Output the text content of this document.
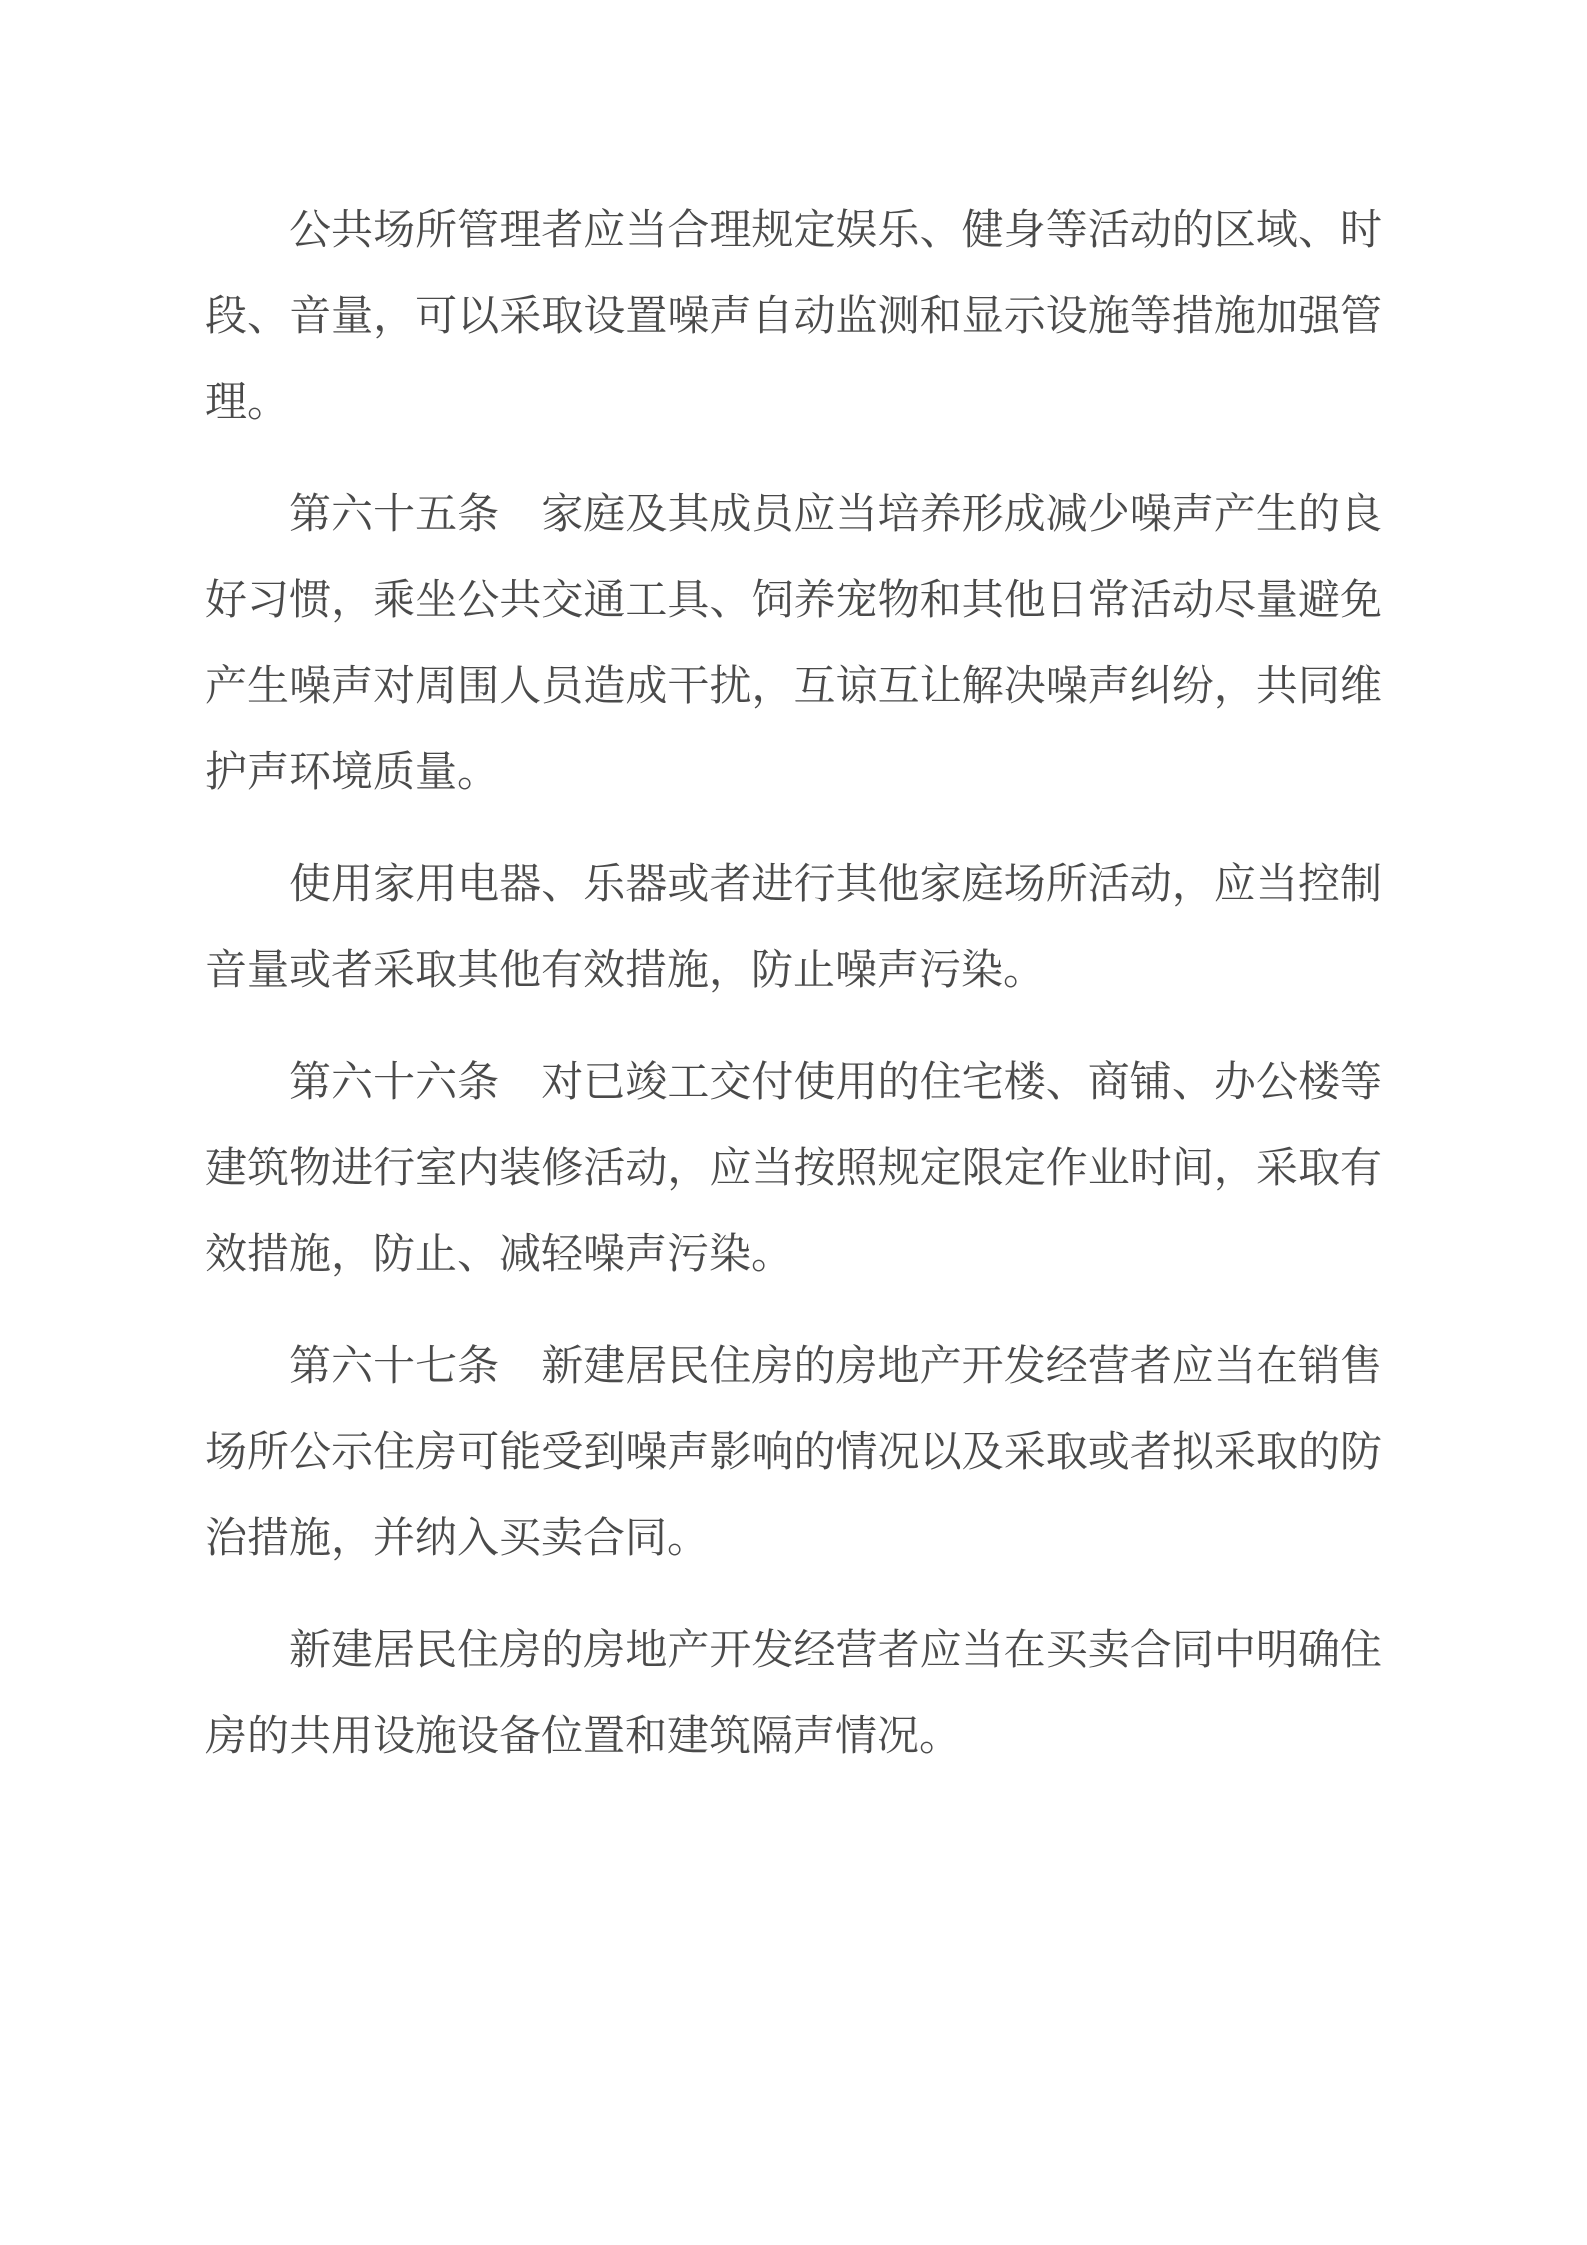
公共场所管理者应当合理规定娱乐、健身等活动的区域、时段、音量，可以采取设置噪声自动监测和显示设施等措施加强管理。

第六十五条　家庭及其成员应当培养形成减少噪声产生的良好习惯，乘坐公共交通工具、饲养宠物和其他日常活动尽量避免产生噪声对周围人员造成干扰，互谅互让解决噪声纠纷，共同维护声环境质量。

使用家用电器、乐器或者进行其他家庭场所活动，应当控制音量或者采取其他有效措施，防止噪声污染。

第六十六条　对已竣工交付使用的住宅楼、商铺、办公楼等建筑物进行室内装修活动，应当按照规定限定作业时间，采取有效措施，防止、减轻噪声污染。

第六十七条　新建居民住房的房地产开发经营者应当在销售场所公示住房可能受到噪声影响的情况以及采取或者拟采取的防治措施，并纳入买卖合同。

新建居民住房的房地产开发经营者应当在买卖合同中明确住房的共用设施设备位置和建筑隔声情况。
